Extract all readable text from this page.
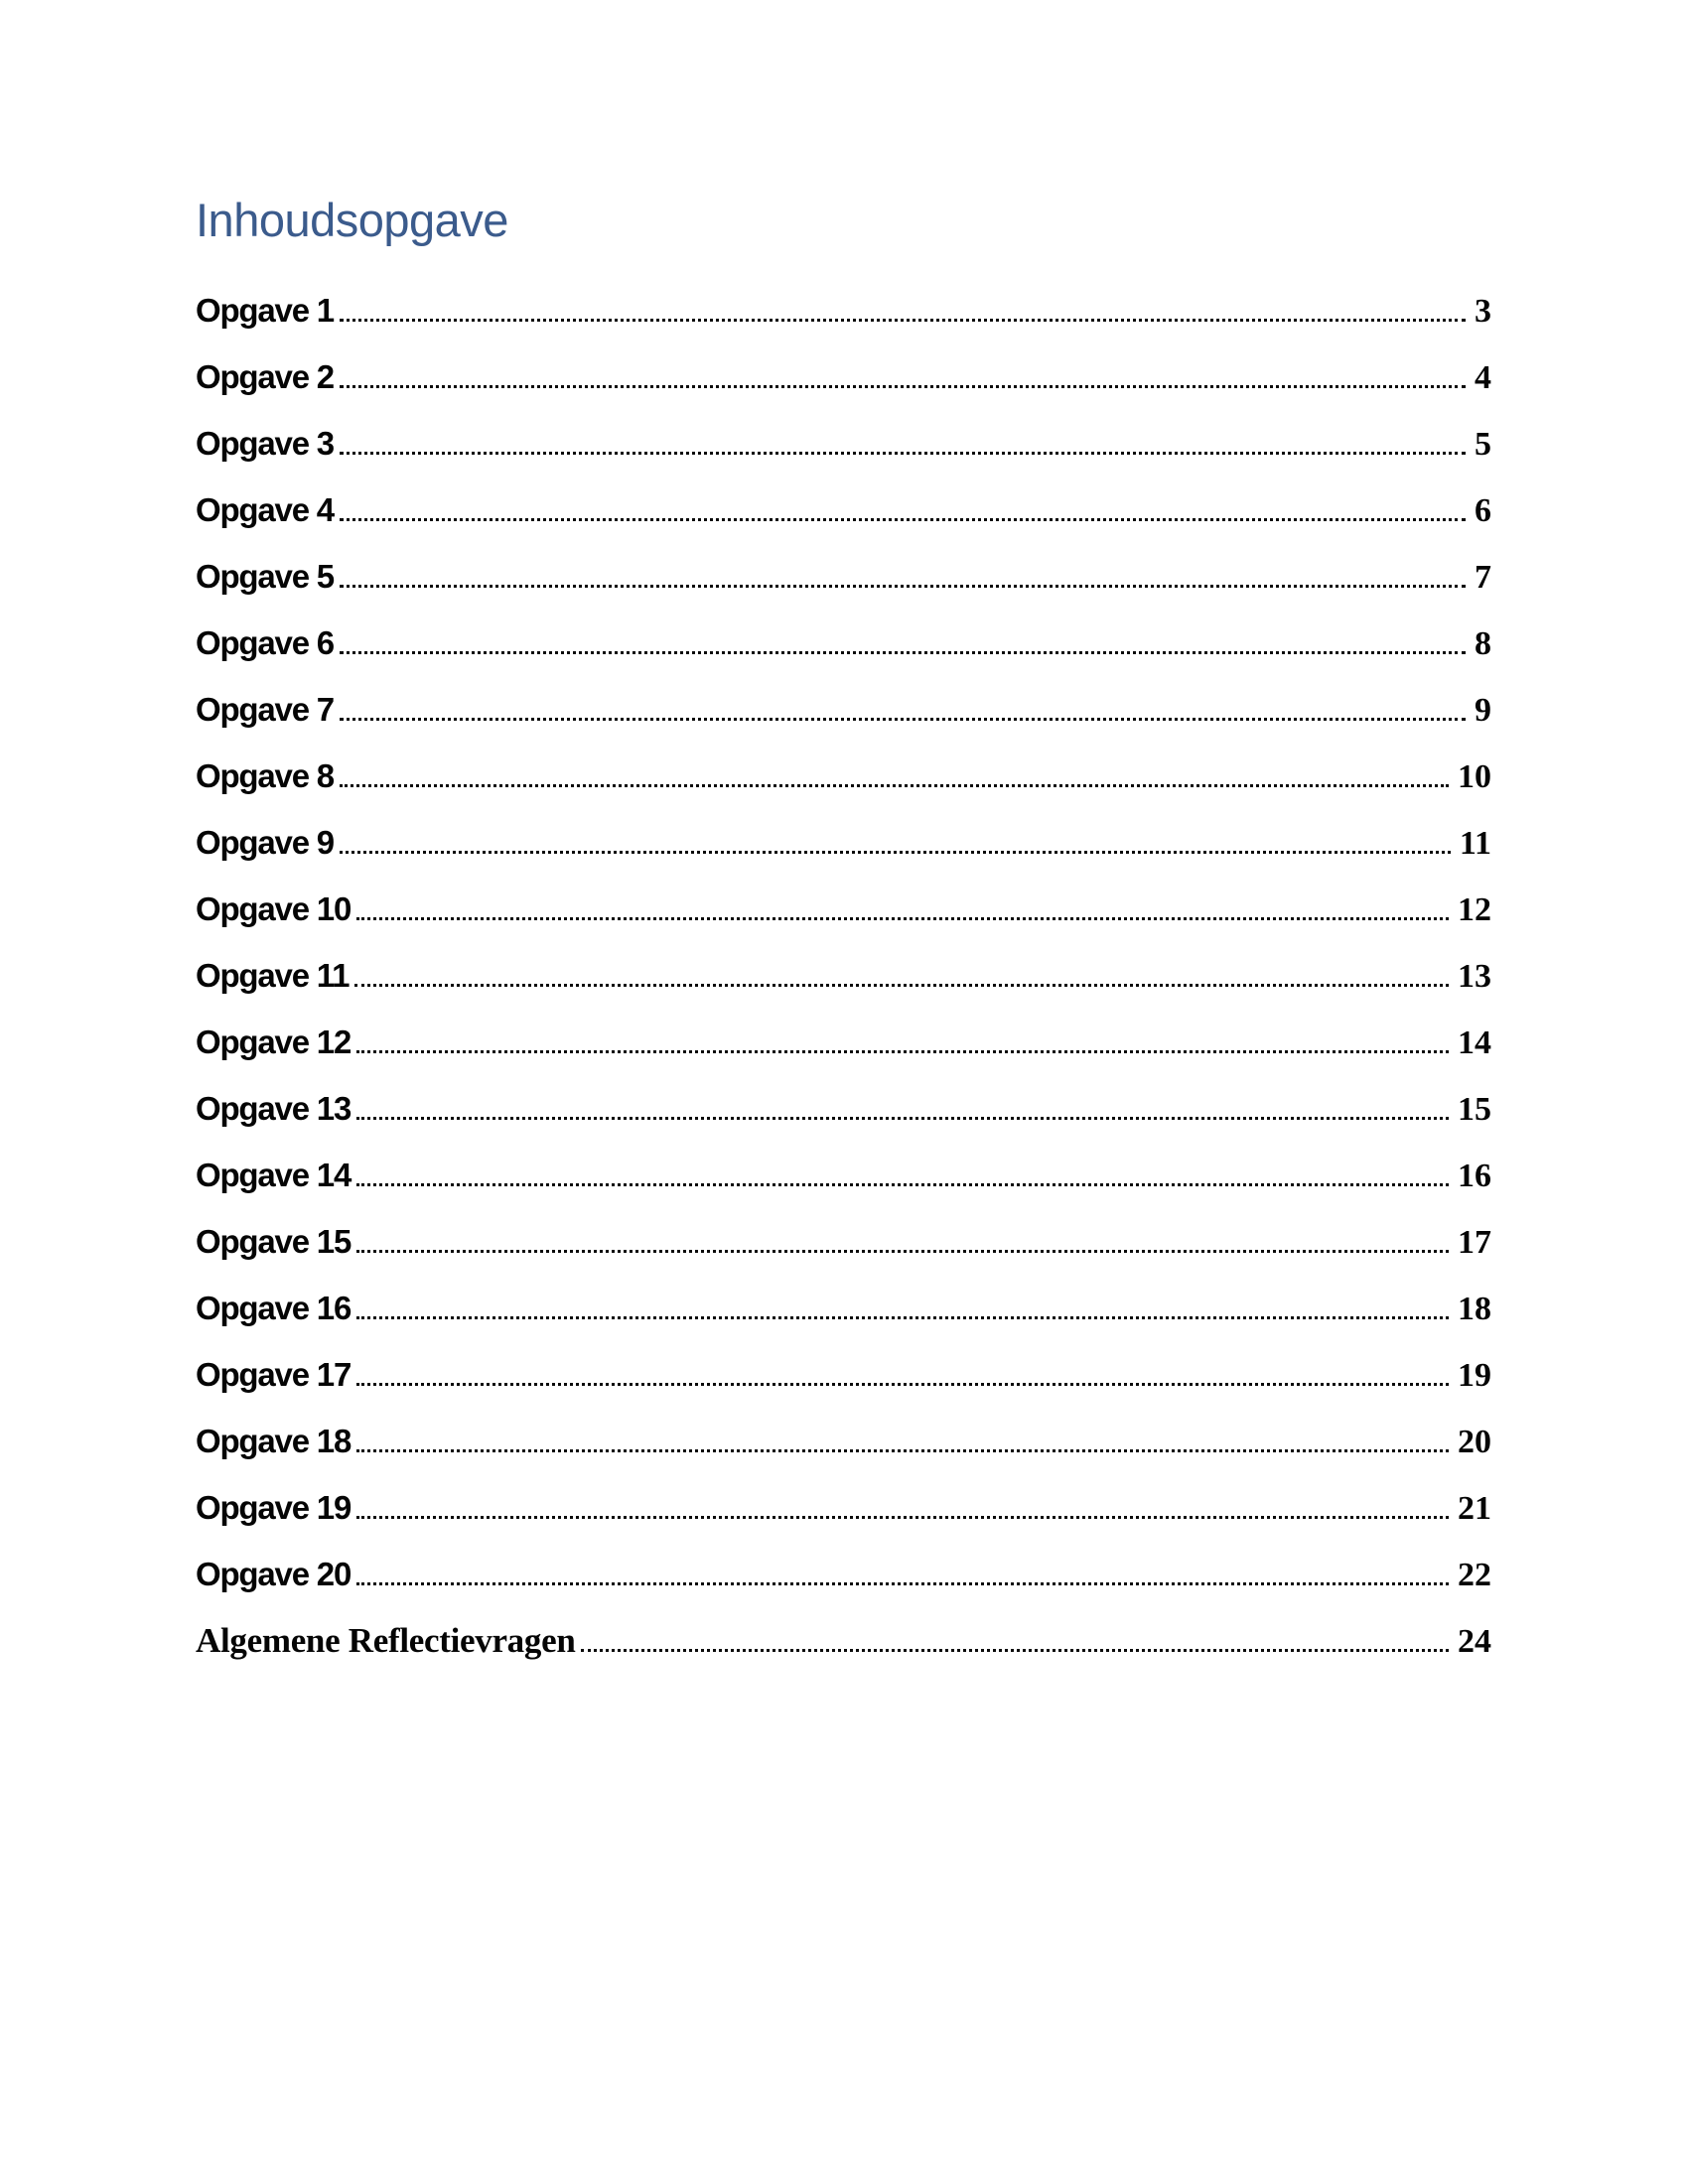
Inhoudsopgave
Opgave 1	3
Opgave 2	4
Opgave 3	5
Opgave 4	6
Opgave 5	7
Opgave 6	8
Opgave 7	9
Opgave 8	10
Opgave 9	11
Opgave 10	12
Opgave 11	13
Opgave 12	14
Opgave 13	15
Opgave 14	16
Opgave 15	17
Opgave 16	18
Opgave 17	19
Opgave 18	20
Opgave 19	21
Opgave 20	22
Algemene Reflectievragen	24
